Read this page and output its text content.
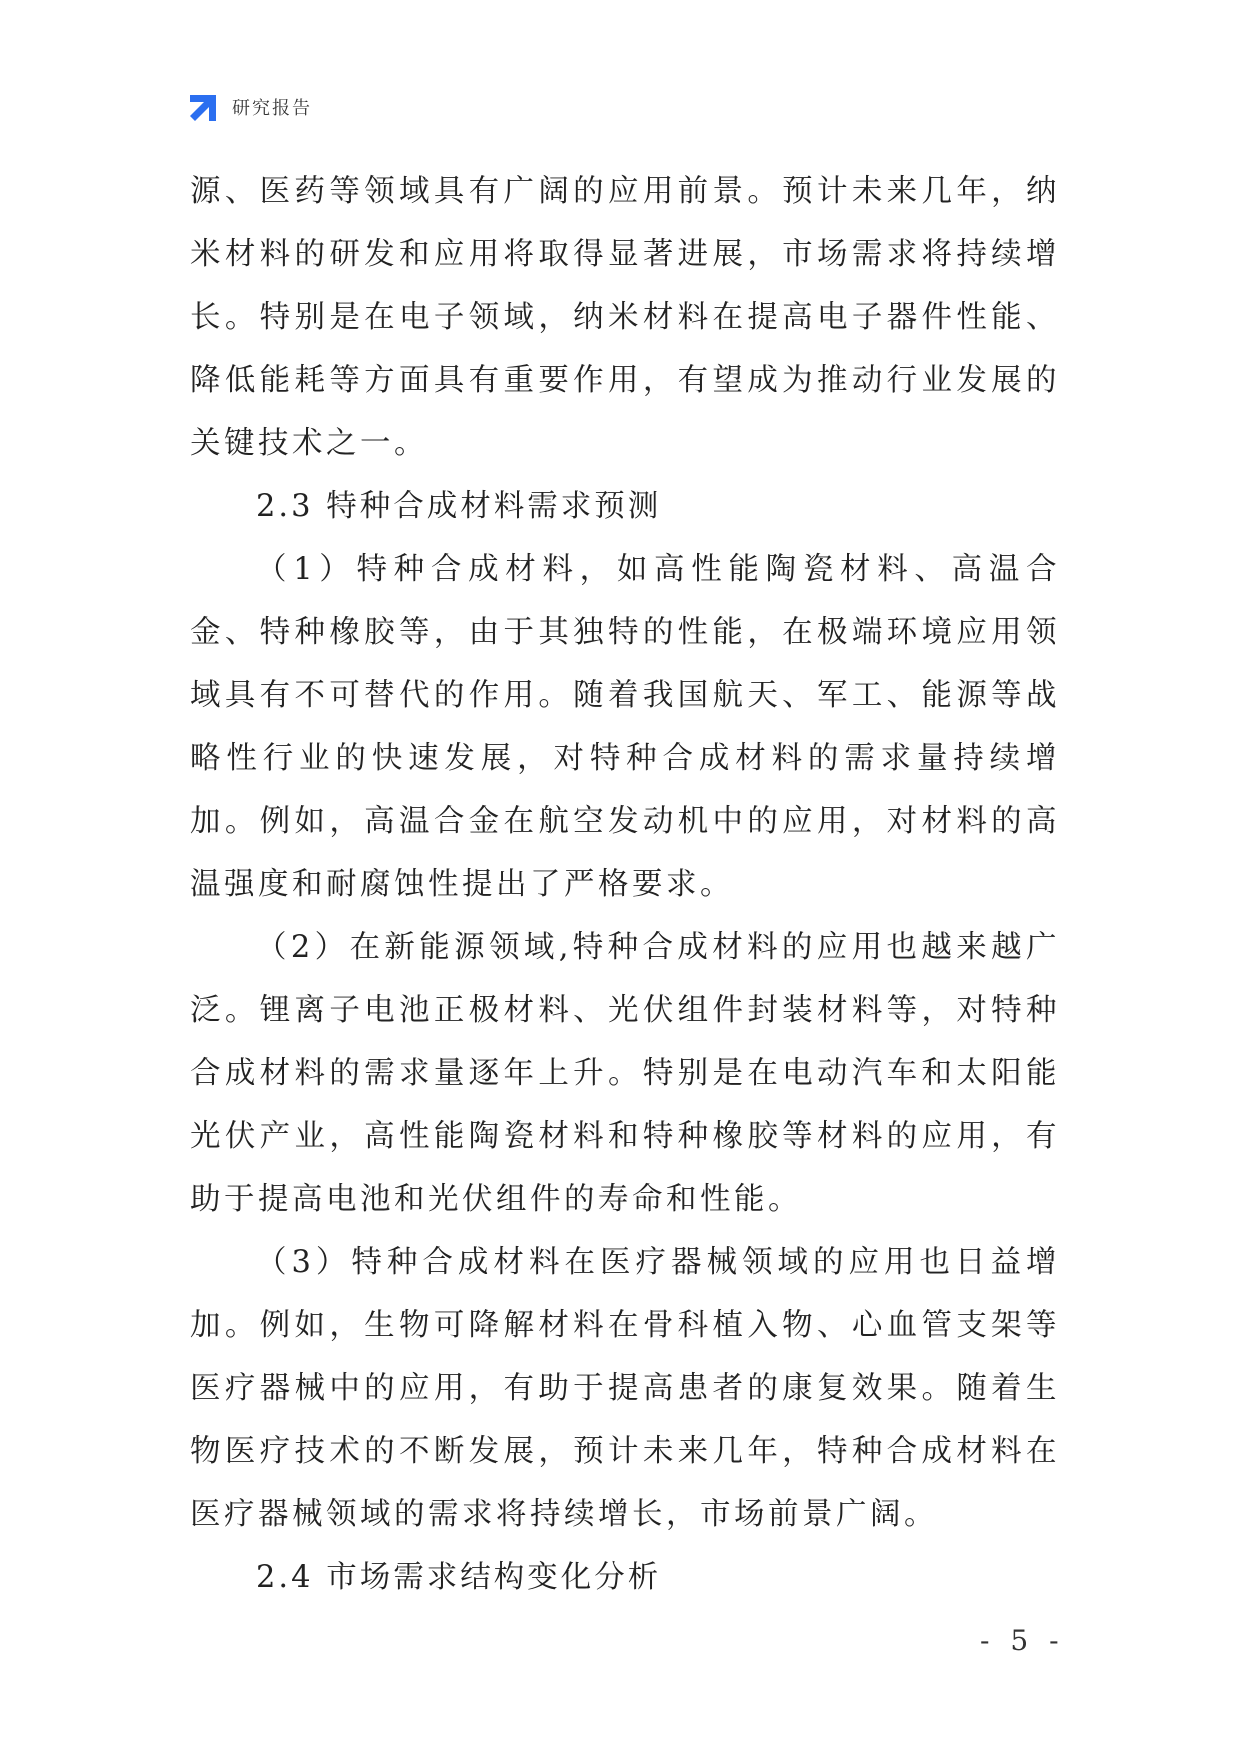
研究报告

源、医药等领域具有广阔的应用前景。预计未来几年，纳米材料的研发和应用将取得显著进展，市场需求将持续增长。特别是在电子领域，纳米材料在提高电子器件性能、降低能耗等方面具有重要作用，有望成为推动行业发展的关键技术之一。

2.3 特种合成材料需求预测

（1）特种合成材料，如高性能陶瓷材料、高温合金、特种橡胶等，由于其独特的性能，在极端环境应用领域具有不可替代的作用。随着我国航天、军工、能源等战略性行业的快速发展，对特种合成材料的需求量持续增加。例如，高温合金在航空发动机中的应用，对材料的高温强度和耐腐蚀性提出了严格要求。

（2）在新能源领域,特种合成材料的应用也越来越广泛。锂离子电池正极材料、光伏组件封装材料等，对特种合成材料的需求量逐年上升。特别是在电动汽车和太阳能光伏产业，高性能陶瓷材料和特种橡胶等材料的应用，有助于提高电池和光伏组件的寿命和性能。

（3）特种合成材料在医疗器械领域的应用也日益增加。例如，生物可降解材料在骨科植入物、心血管支架等医疗器械中的应用，有助于提高患者的康复效果。随着生物医疗技术的不断发展，预计未来几年，特种合成材料在医疗器械领域的需求将持续增长，市场前景广阔。

2.4 市场需求结构变化分析
- 5 -
